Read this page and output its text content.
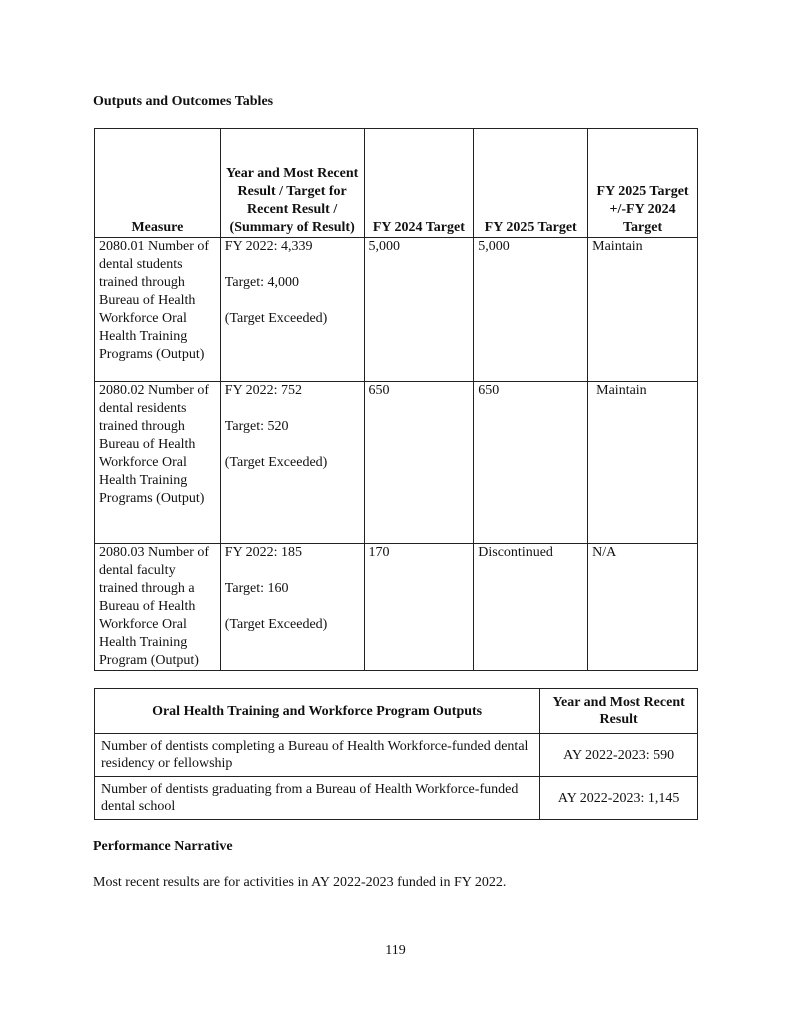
Outputs and Outcomes Tables

Measure	Year and Most Recent Result / Target for Recent Result / (Summary of Result)	FY 2024 Target	FY 2025 Target	FY 2025 Target +/-FY 2024 Target
2080.01 Number of dental students trained through Bureau of Health Workforce Oral Health Training Programs (Output)	FY 2022: 4,339
Target: 4,000
(Target Exceeded)	5,000	5,000	Maintain
2080.02 Number of dental residents trained through Bureau of Health Workforce Oral Health Training Programs (Output)	FY 2022: 752
Target: 520
(Target Exceeded)	650	650	Maintain
2080.03 Number of dental faculty trained through a Bureau of Health Workforce Oral Health Training Program (Output)	FY 2022: 185
Target: 160
(Target Exceeded)	170	Discontinued	N/A
Oral Health Training and Workforce Program Outputs	Year and Most Recent Result
Number of dentists completing a Bureau of Health Workforce-funded dental residency or fellowship	AY 2022-2023: 590
Number of dentists graduating from a Bureau of Health Workforce-funded dental school	AY 2022-2023: 1,145

Performance Narrative

Most recent results are for activities in AY 2022-2023 funded in FY 2022.

119
